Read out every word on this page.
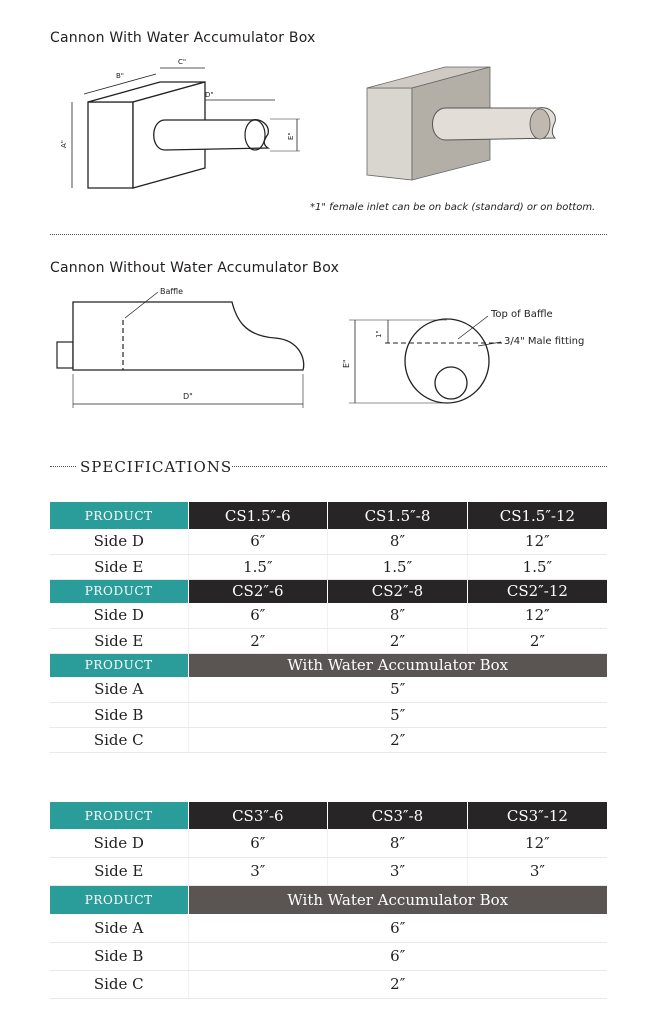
Cannon With Water Accumulator Box
A"
B"
C"
D"
E"
*1" female inlet can be on back (standard) or on bottom.
Cannon Without Water Accumulator Box
Baffle
D"
E"
1"
Top of Baffle
3/4" Male fitting
SPECIFICATIONS
PRODUCT	CS1.5″-6	CS1.5″-8	CS1.5″-12
Side D	6″	8″	12″
Side E	1.5″	1.5″	1.5″
PRODUCT	CS2″-6	CS2″-8	CS2″-12
Side D	6″	8″	12″
Side E	2″	2″	2″
PRODUCT	With Water Accumulator Box		
Side A	5″		
Side B	5″		
Side C	2″		
PRODUCT	CS3″-6	CS3″-8	CS3″-12
Side D	6″	8″	12″
Side E	3″	3″	3″
PRODUCT	With Water Accumulator Box		
Side A	6″		
Side B	6″		
Side C	2″		
